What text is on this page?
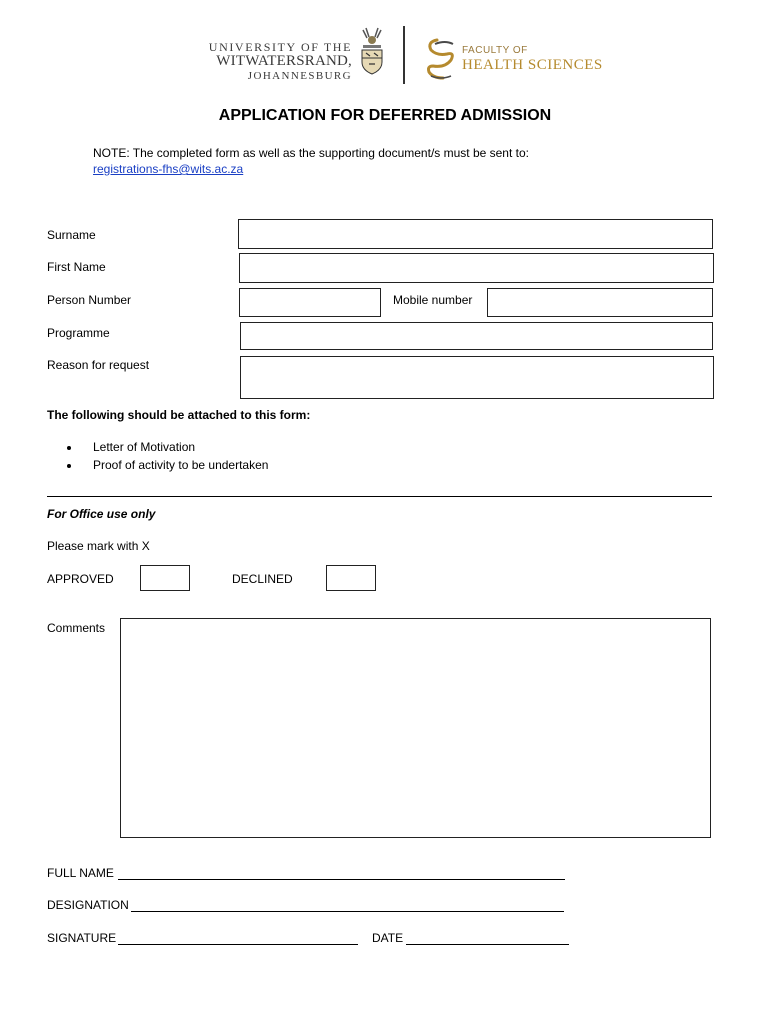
UNIVERSITY OF THE
WITWATERSRAND,
JOHANNESBURG
FACULTY OF
HEALTH SCIENCES
APPLICATION FOR DEFERRED ADMISSION
NOTE: The completed form as well as the supporting document/s must be sent to:
registrations-fhs@wits.ac.za
Surname
First Name
Person Number	Mobile number
Programme
Reason for request
The following should be attached to this form:
Letter of Motivation
Proof of activity to be undertaken
For Office use only
Please mark with X
APPROVED	DECLINED
Comments
FULL NAME
DESIGNATION
SIGNATURE	DATE
